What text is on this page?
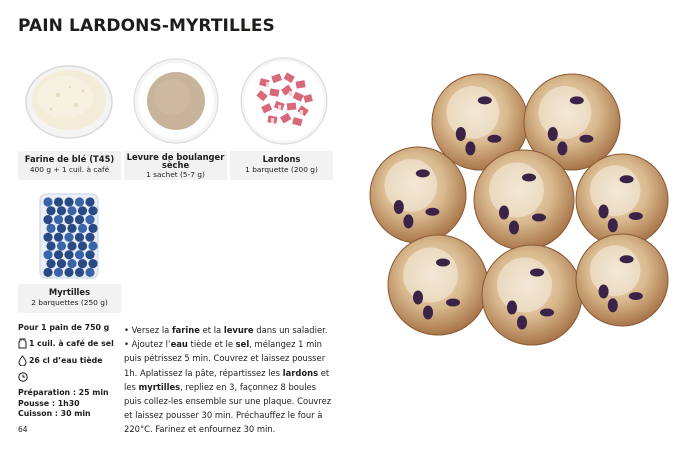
PAIN LARDONS-MYRTILLES
Farine de blé (T45)
400 g + 1 cuil. à café
Levure de boulanger
sèche
1 sachet (5-7 g)
Lardons
1 barquette (200 g)
Myrtilles
2 barquettes (250 g)
Pour 1 pain de 750 g
1 cuil. à café de sel
26 cl d’eau tiède
Préparation : 25 min
Pousse : 1h30
Cuisson : 30 min

• Versez la farine et la levure dans un saladier.

• Ajoutez l’eau tiède et le sel, mélangez 1 min puis pétrissez 5 min. Couvrez et laissez pousser 1h. Aplatissez la pâte, répartissez les lardons et les myrtilles, repliez en 3, façonnez 8 boules puis collez-les ensemble sur une plaque. Couvrez et laissez pousser 30 min. Préchauffez le four à 220°C. Farinez et enfournez 30 min.

64
